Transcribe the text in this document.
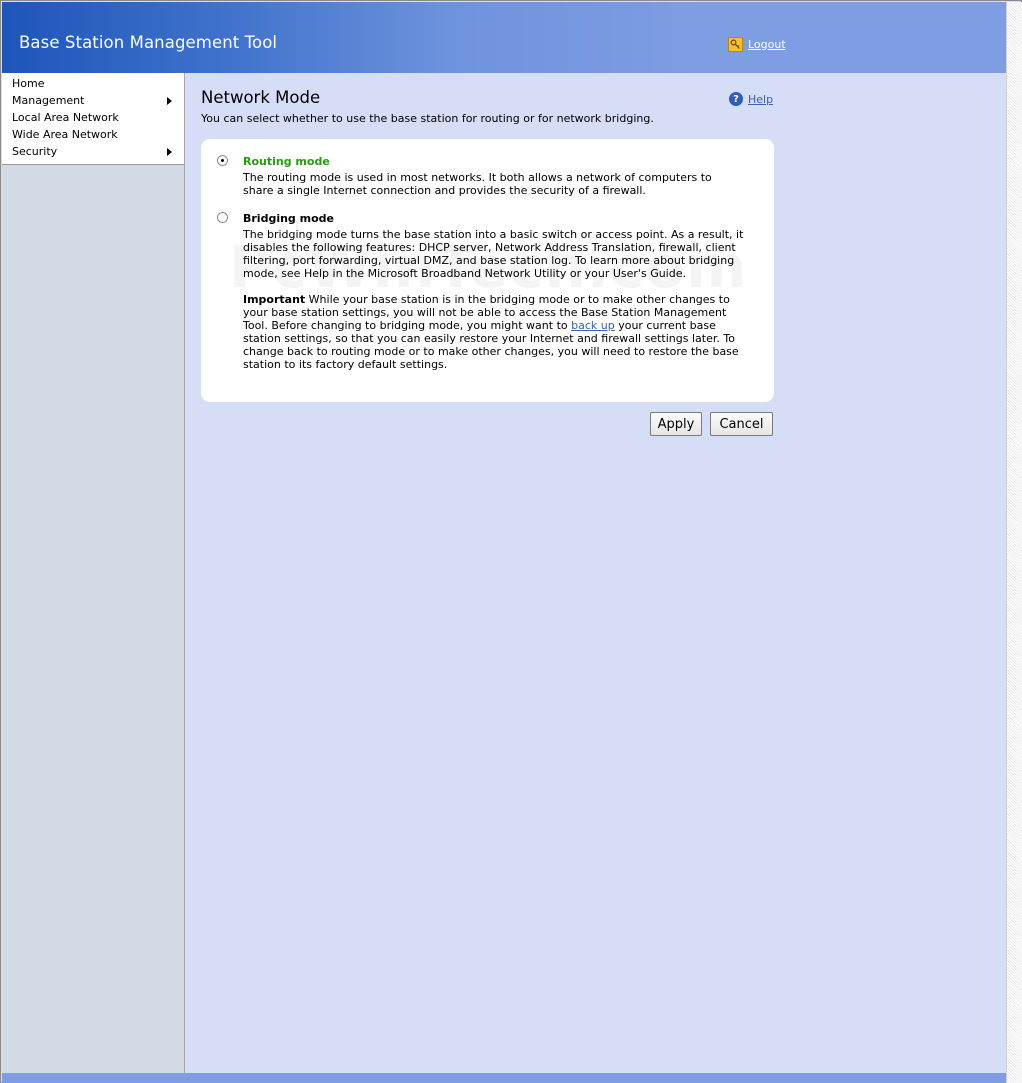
Base Station Management Tool	Logout
Home
Management
Local Area Network
Wide Area Network
Security
Network Mode
You can select whether to use the base station for routing or for network bridging.
? Help
Routing mode
The routing mode is used in most networks. It both allows a network of computers to
share a single Internet connection and provides the security of a firewall.
Bridging mode
The bridging mode turns the base station into a basic switch or access point. As a result, it
disables the following features: DHCP server, Network Address Translation, firewall, client
filtering, port forwarding, virtual DMZ, and base station log. To learn more about bridging
mode, see Help in the Microsoft Broadband Network Utility or your User's Guide.
Important While your base station is in the bridging mode or to make other changes to
your base station settings, you will not be able to access the Base Station Management
Tool. Before changing to bridging mode, you might want to back up your current base
station settings, so that you can easily restore your Internet and firewall settings later. To
change back to routing mode or to make other changes, you will need to restore the base
station to its factory default settings.
Apply	Cancel
